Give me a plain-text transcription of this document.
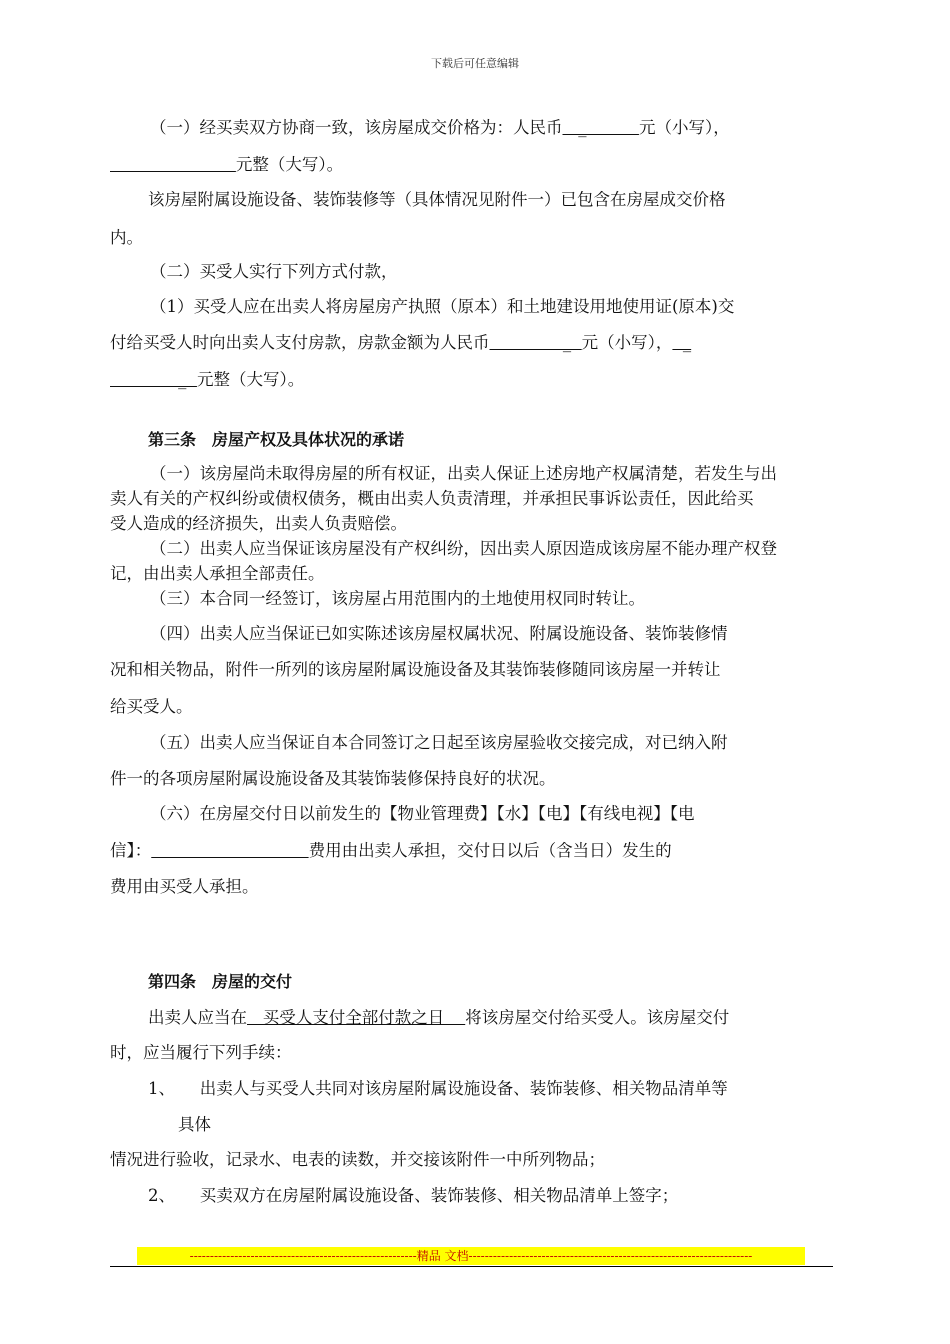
下载后可任意编辑
（一）经买卖双方协商一致，该房屋成交价格为：人民币   _          元（小写），
元整（大写）。
该房屋附属设施设备、装饰装修等（具体情况见附件一）已包含在房屋成交价格
内。
（二）买受人实行下列方式付款，
（1）买受人应在出卖人将房屋房产执照（原本）和土地建设用地使用证(原本)交
付给买受人时向出卖人支付房款，房款金额为人民币              _  元（小写），  _
_  元整（大写）。
第三条　房屋产权及具体状况的承诺
（一）该房屋尚未取得房屋的所有权证，出卖人保证上述房地产权属清楚，若发生与出
卖人有关的产权纠纷或债权债务，概由出卖人负责清理，并承担民事诉讼责任，因此给买
受人造成的经济损失，出卖人负责赔偿。
（二）出卖人应当保证该房屋没有产权纠纷，因出卖人原因造成该房屋不能办理产权登
记，由出卖人承担全部责任。
（三）本合同一经签订，该房屋占用范围内的土地使用权同时转让。
（四）出卖人应当保证已如实陈述该房屋权属状况、附属设施设备、装饰装修情
况和相关物品，附件一所列的该房屋附属设施设备及其装饰装修随同该房屋一并转让
给买受人。
（五）出卖人应当保证自本合同签订之日起至该房屋验收交接完成，对已纳入附
件一的各项房屋附属设施设备及其装饰装修保持良好的状况。
（六）在房屋交付日以前发生的【物业管理费】【水】【电】【有线电视】【电
信】：	费用由出卖人承担，交付日以后（含当日）发生的
费用由买受人承担。
第四条　房屋的交付
出卖人应当在   买受人支付全部付款之日    将该房屋交付给买受人。该房屋交付
时，应当履行下列手续：
1、　　出卖人与买受人共同对该房屋附属设施设备、装饰装修、相关物品清单等
具体
情况进行验收，记录水、电表的读数，并交接该附件一中所列物品；
2、　　买卖双方在房屋附属设施设备、装饰装修、相关物品清单上签字；
--------------------------------------------------------精品 文档----------------------------------------------------------------------
